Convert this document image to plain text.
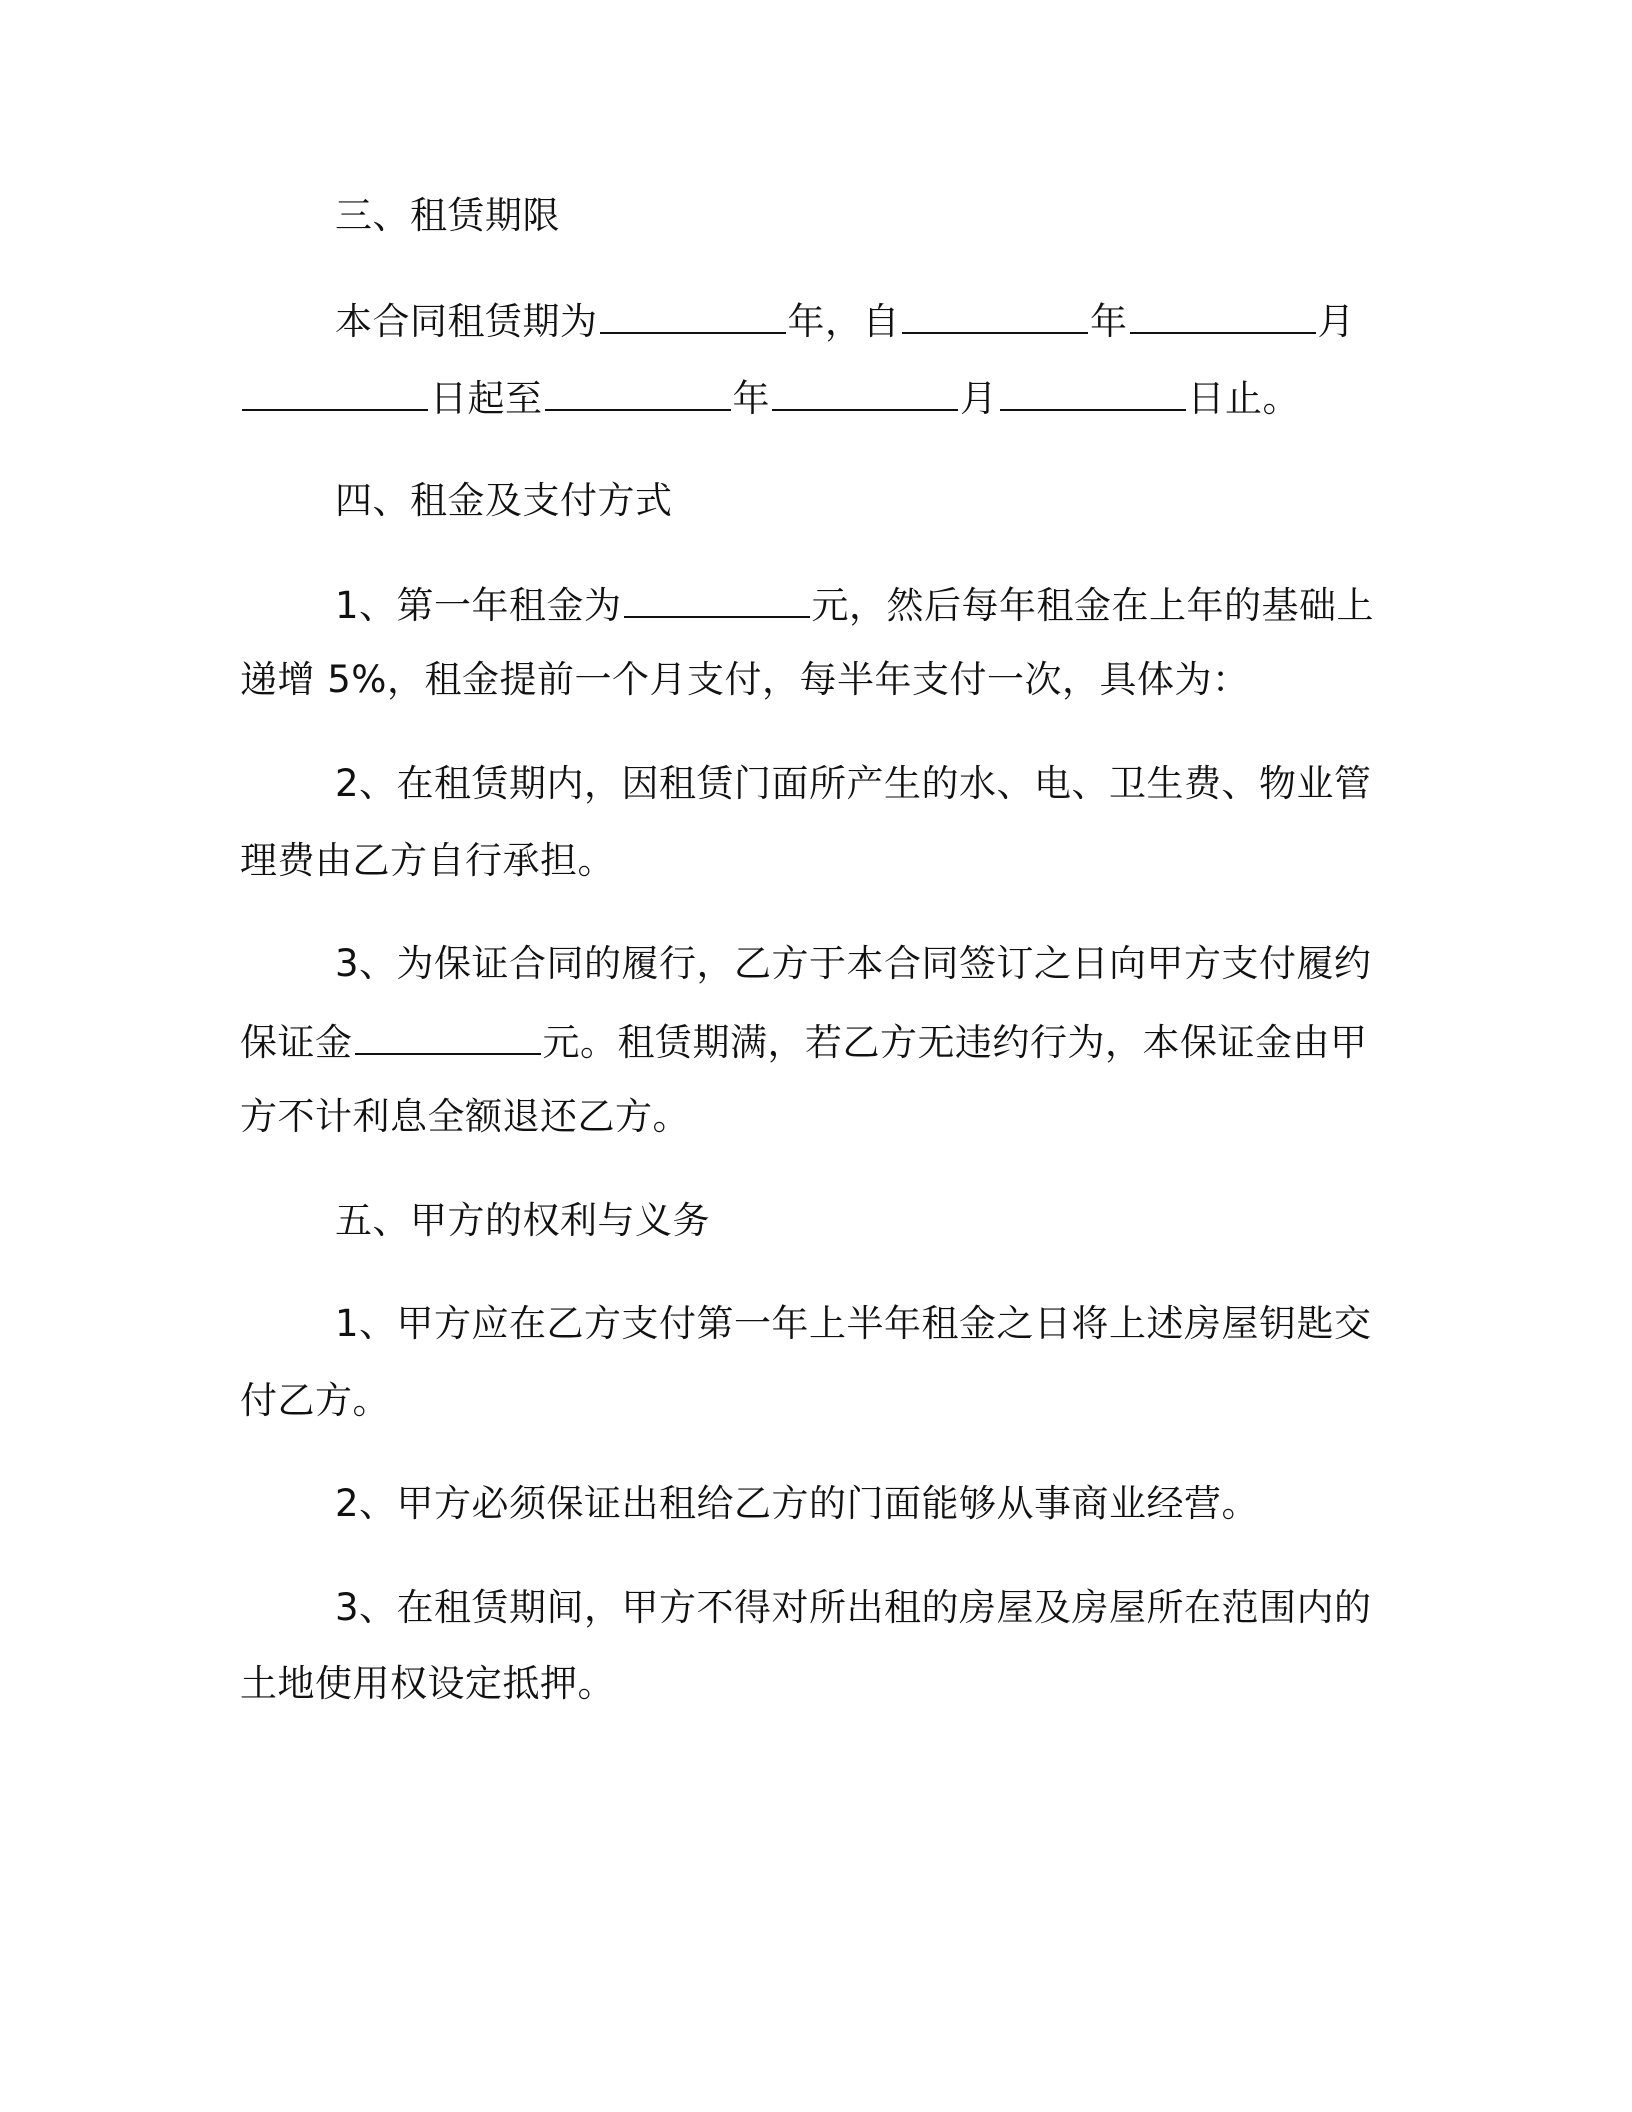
三、租赁期限
本合同租赁期为	年，自	年	月
日起至	年	月	日止。
四、租金及支付方式
1、第一年租金为	元，然后每年租金在上年的基础上
递增 5%，租金提前一个月支付，每半年支付一次，具体为：
2、在租赁期内，因租赁门面所产生的水、电、卫生费、物业管
理费由乙方自行承担。
3、为保证合同的履行，乙方于本合同签订之日向甲方支付履约
保证金	元。租赁期满，若乙方无违约行为，本保证金由甲
方不计利息全额退还乙方。
五、甲方的权利与义务
1、甲方应在乙方支付第一年上半年租金之日将上述房屋钥匙交
付乙方。
2、甲方必须保证出租给乙方的门面能够从事商业经营。
3、在租赁期间，甲方不得对所出租的房屋及房屋所在范围内的
土地使用权设定抵押。
